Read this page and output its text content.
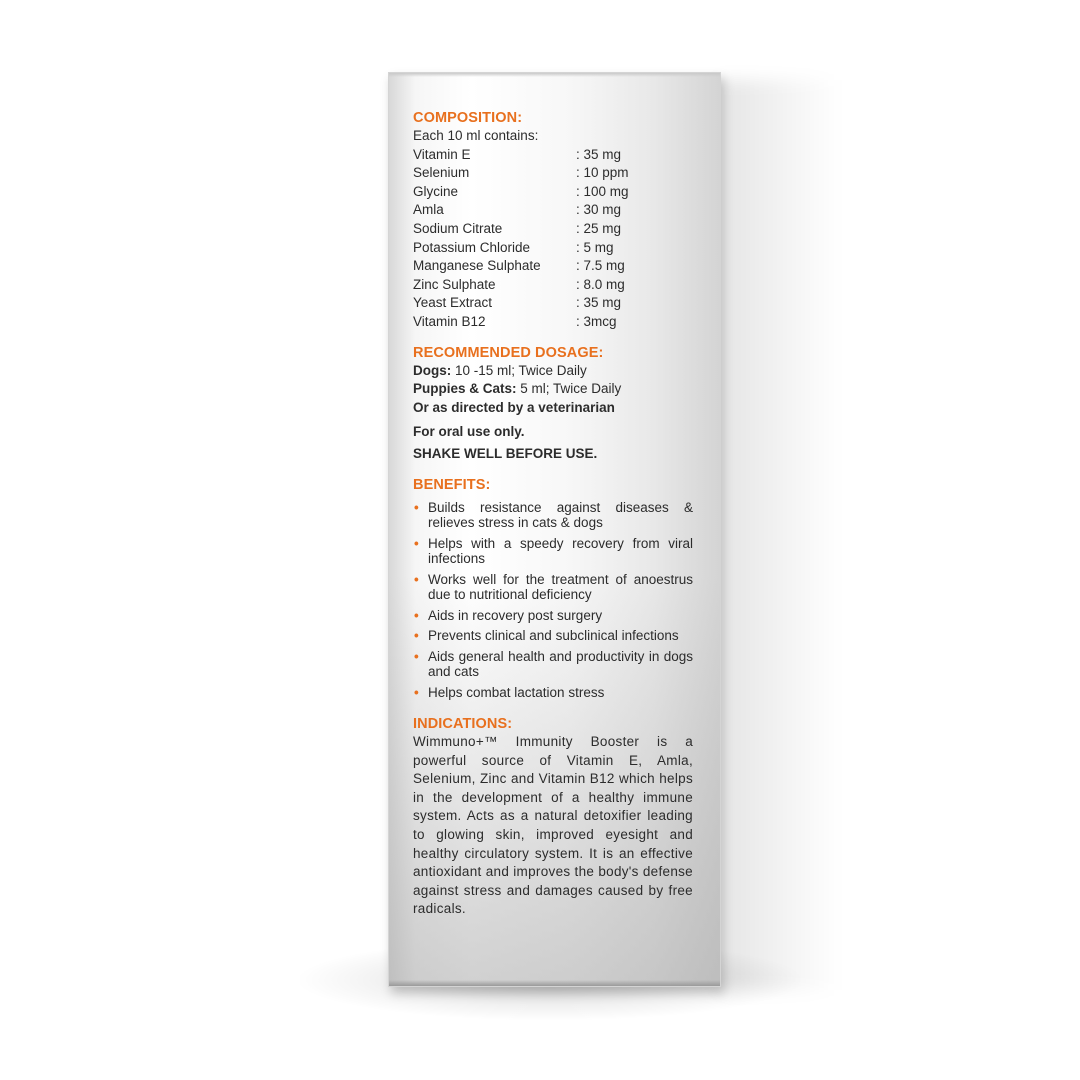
COMPOSITION:
Each 10 ml contains:
Vitamin E	: 35 mg
Selenium	: 10 ppm
Glycine	: 100 mg
Amla	: 30 mg
Sodium Citrate	: 25 mg
Potassium Chloride	: 5 mg
Manganese Sulphate	: 7.5 mg
Zinc Sulphate	: 8.0 mg
Yeast Extract	: 35 mg
Vitamin B12	: 3mcg
RECOMMENDED DOSAGE:
Dogs: 10 -15 ml; Twice Daily
Puppies & Cats: 5 ml; Twice Daily
Or as directed by a veterinarian
For oral use only.
SHAKE WELL BEFORE USE.
BENEFITS:
• Builds resistance against diseases & relieves stress in cats & dogs
• Helps with a speedy recovery from viral infections
• Works well for the treatment of anoestrus due to nutritional deficiency
• Aids in recovery post surgery
• Prevents clinical and subclinical infections
• Aids general health and productivity in dogs and cats
• Helps combat lactation stress
INDICATIONS:
Wimmuno+™ Immunity Booster is a powerful source of Vitamin E, Amla, Selenium, Zinc and Vitamin B12 which helps in the development of a healthy immune system. Acts as a natural detoxifier leading to glowing skin, improved eyesight and healthy circulatory system. It is an effective antioxidant and improves the body's defense against stress and damages caused by free radicals.
